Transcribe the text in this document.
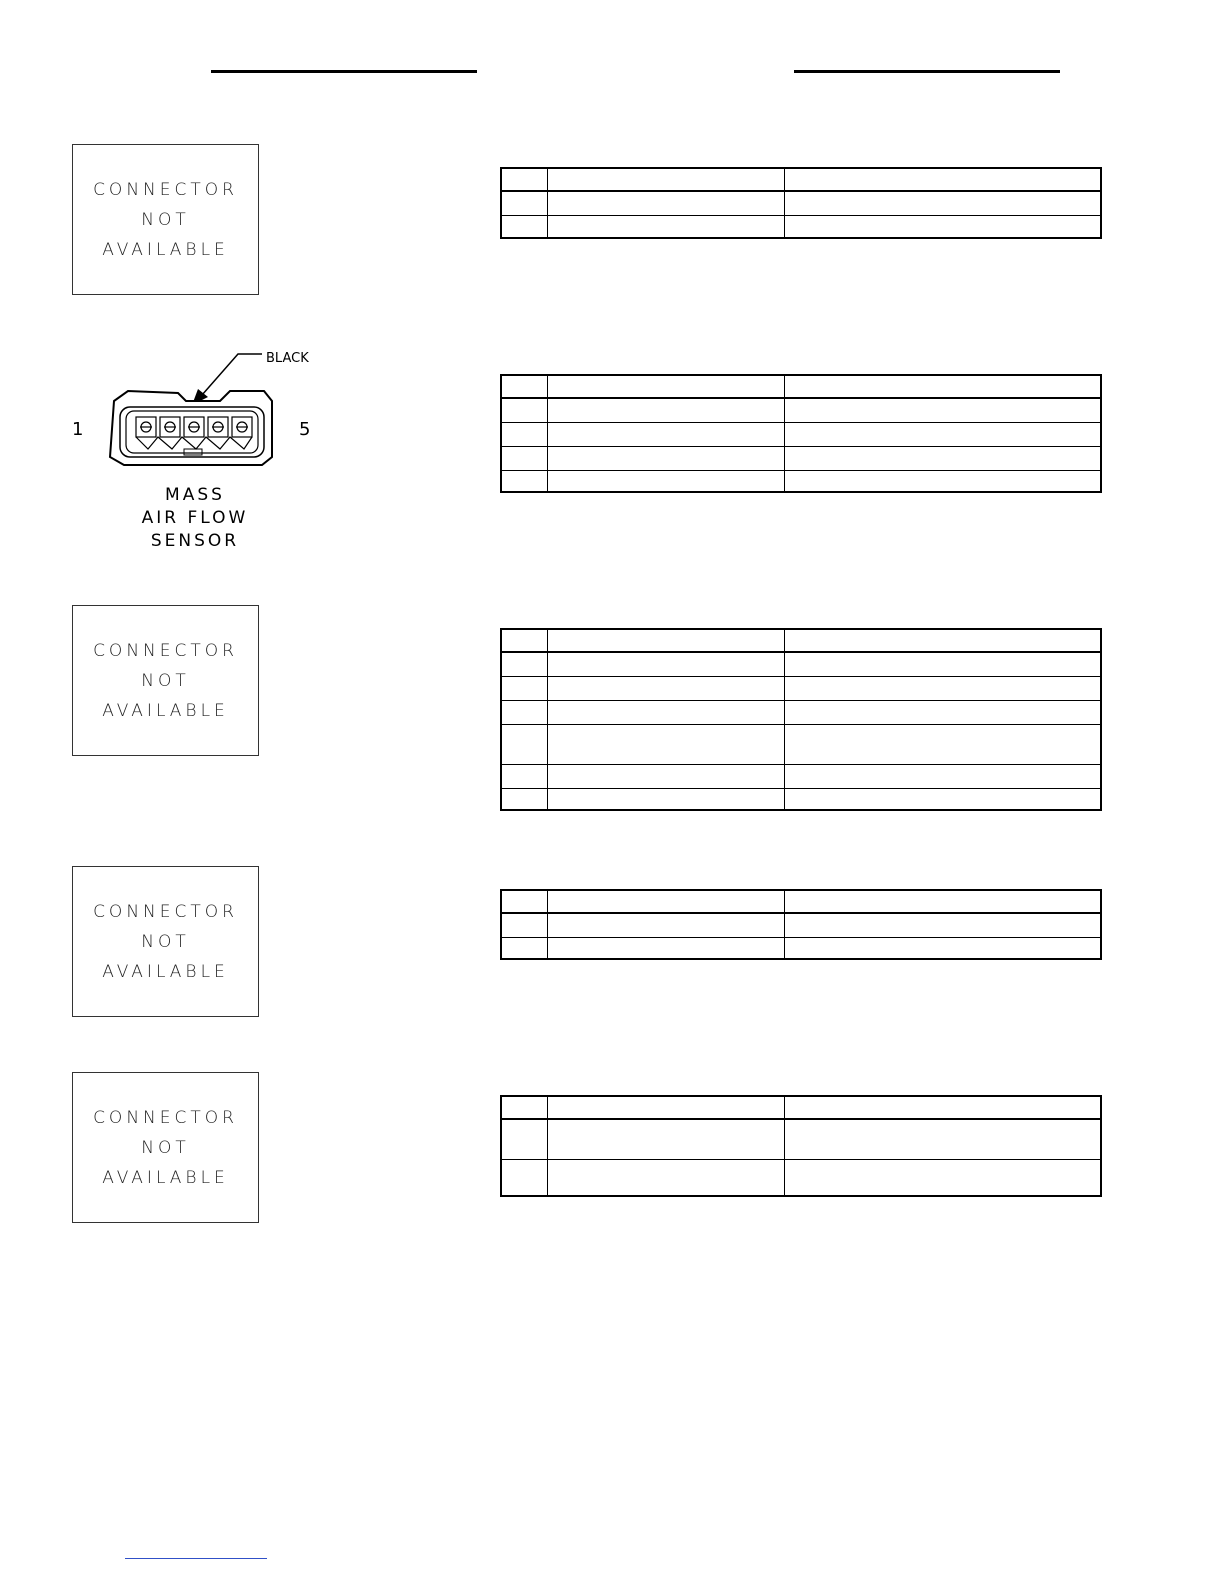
CONNECTOR
NOT
AVAILABLE

BLACK
1	5
MASS
AIR FLOW
SENSOR

CONNECTOR
NOT
AVAILABLE

CONNECTOR
NOT
AVAILABLE

CONNECTOR
NOT
AVAILABLE
